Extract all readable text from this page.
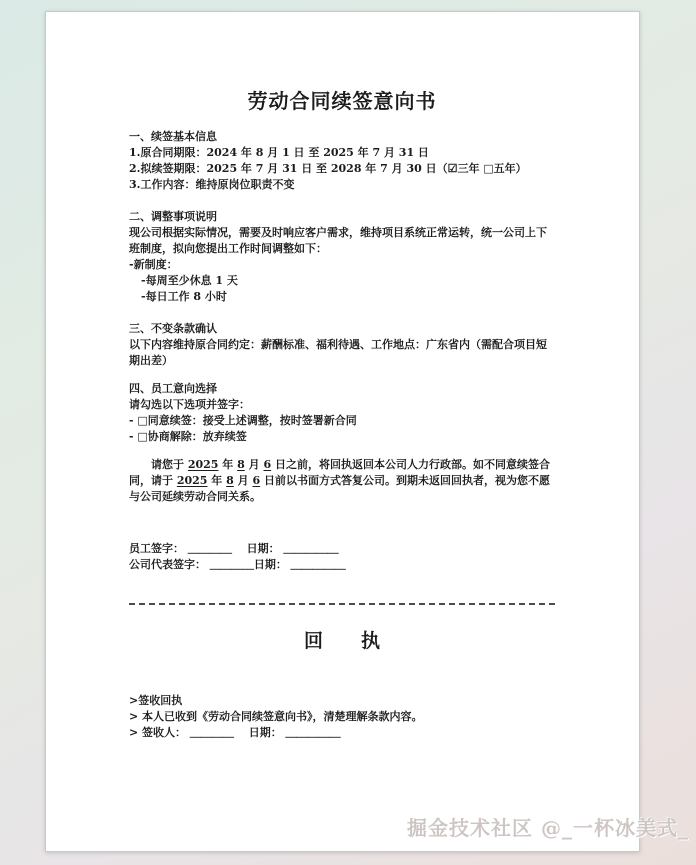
劳动合同续签意向书
一、续签基本信息
1.原合同期限：2024 年 8 月 1 日 至 2025 年 7 月 31 日
2.拟续签期限：2025 年 7 月 31 日 至 2028 年 7 月 30 日（☑三年 □五年）
3.工作内容：维持原岗位职责不变
二、调整事项说明
现公司根据实际情况，需要及时响应客户需求，维持项目系统正常运转，统一公司上下班制度，拟向您提出工作时间调整如下：
-新制度：
-每周至少休息 1 天
-每日工作 8 小时
三、不变条款确认
以下内容维持原合同约定：薪酬标准、福利待遇、工作地点：广东省内（需配合项目短期出差）
四、员工意向选择
请勾选以下选项并签字：
- □同意续签：接受上述调整，按时签署新合同
- □协商解除：放弃续签
　　请您于 2025 年 8 月 6 日之前，将回执返回本公司人力行政部。如不同意续签合同，请于 2025 年 8 月 6 日前以书面方式答复公司。到期未返回回执者，视为您不愿与公司延续劳动合同关系。
员工签字： ＿＿＿＿　 日期： ＿＿＿＿＿
公司代表签字： ＿＿＿＿日期： ＿＿＿＿＿
回　　执
>签收回执
> 本人已收到《劳动合同续签意向书》，清楚理解条款内容。
> 签收人： ＿＿＿＿　 日期： ＿＿＿＿＿
掘金技术社区 @_一杯冰美式_
